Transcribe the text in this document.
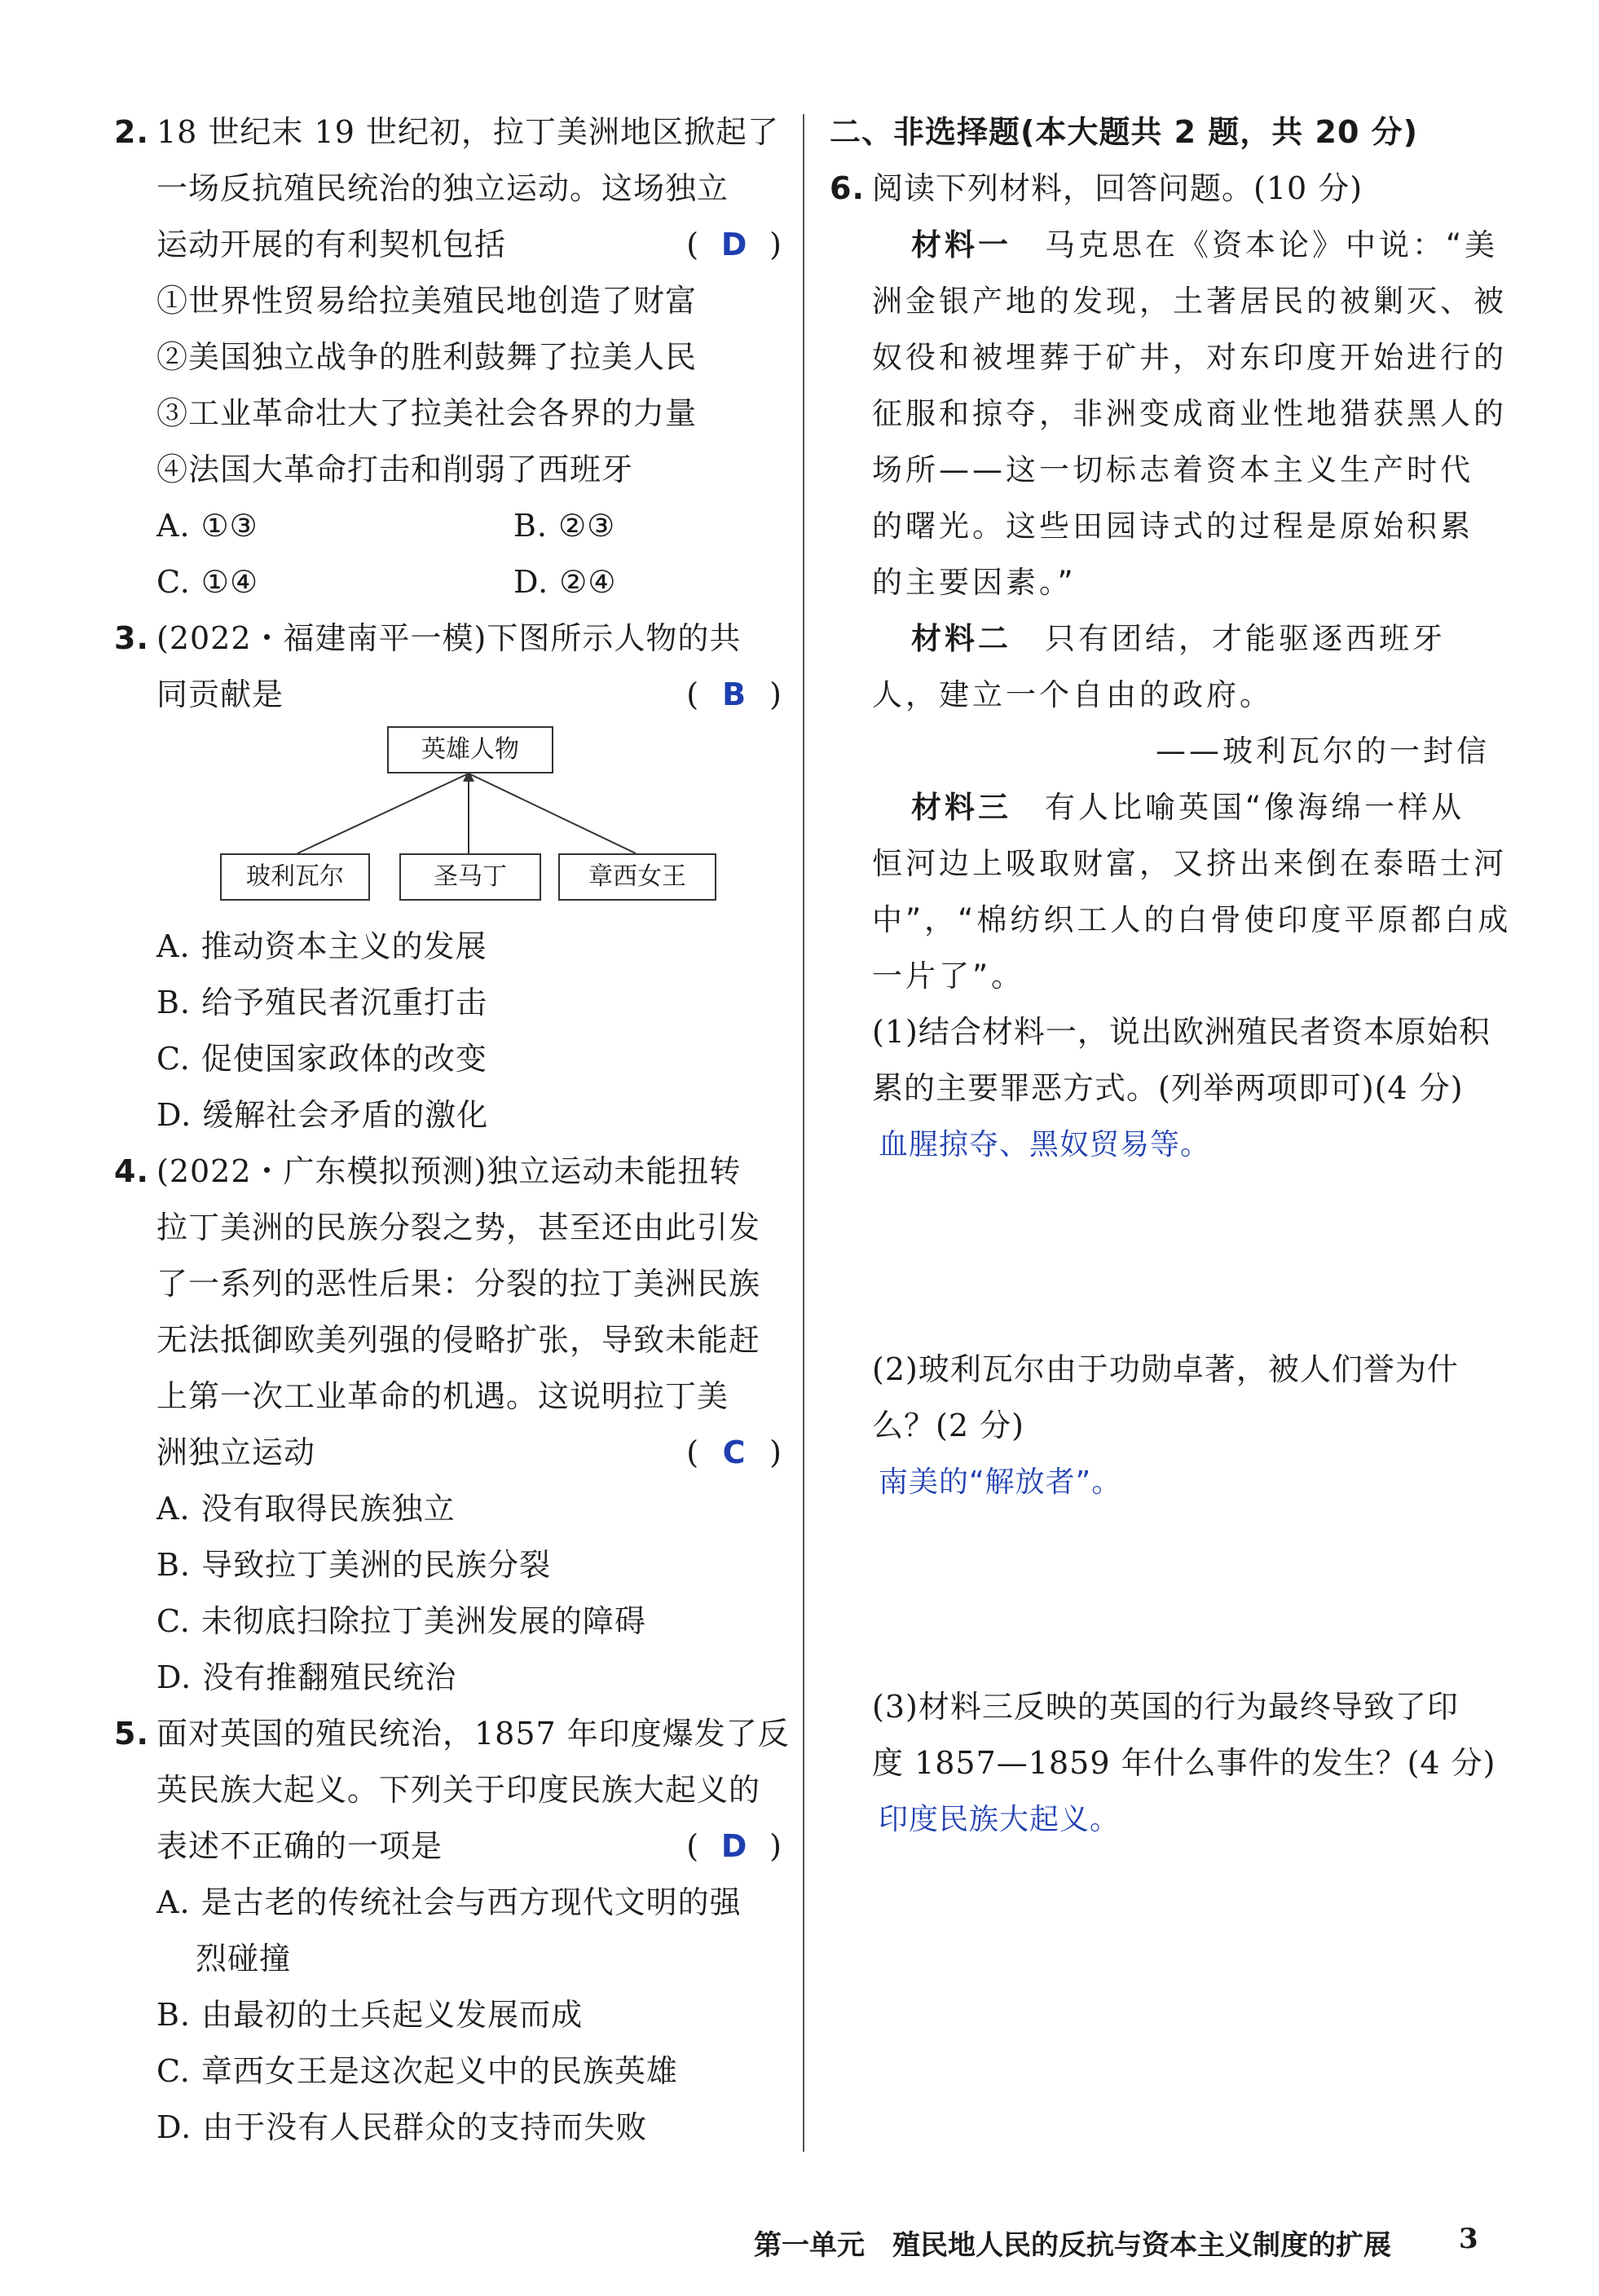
2. 18 世纪末 19 世纪初，拉丁美洲地区掀起了
一场反抗殖民统治的独立运动。这场独立
运动开展的有利契机包括	( D )
①世界性贸易给拉美殖民地创造了财富
②美国独立战争的胜利鼓舞了拉美人民
③工业革命壮大了拉美社会各界的力量
④法国大革命打击和削弱了西班牙
A. ①③	B. ②③
C. ①④	D. ②④
3. (2022・福建南平一模)下图所示人物的共
同贡献是	( B )
英雄人物
玻利瓦尔	圣马丁	章西女王
A. 推动资本主义的发展
B. 给予殖民者沉重打击
C. 促使国家政体的改变
D. 缓解社会矛盾的激化
4. (2022・广东模拟预测)独立运动未能扭转
拉丁美洲的民族分裂之势，甚至还由此引发
了一系列的恶性后果：分裂的拉丁美洲民族
无法抵御欧美列强的侵略扩张，导致未能赶
上第一次工业革命的机遇。这说明拉丁美
洲独立运动	( C )
A. 没有取得民族独立
B. 导致拉丁美洲的民族分裂
C. 未彻底扫除拉丁美洲发展的障碍
D. 没有推翻殖民统治
5. 面对英国的殖民统治，1857 年印度爆发了反
英民族大起义。下列关于印度民族大起义的
表述不正确的一项是	( D )
A. 是古老的传统社会与西方现代文明的强
烈碰撞
B. 由最初的土兵起义发展而成
C. 章西女王是这次起义中的民族英雄
D. 由于没有人民群众的支持而失败
二、非选择题(本大题共 2 题，共 20 分)
6. 阅读下列材料，回答问题。(10 分)
材料一　 马克思在《资本论》中说：“美
洲金银产地的发现，土著居民的被剿灭、被
奴役和被埋葬于矿井，对东印度开始进行的
征服和掠夺，非洲变成商业性地猎获黑人的
场所——这一切标志着资本主义生产时代
的曙光。这些田园诗式的过程是原始积累
的主要因素。”
材料二　 只有团结，才能驱逐西班牙
人，建立一个自由的政府。
——玻利瓦尔的一封信
材料三　 有人比喻英国“像海绵一样从
恒河边上吸取财富，又挤出来倒在泰晤士河
中”，“棉纺织工人的白骨使印度平原都白成
一片了”。
(1)结合材料一，说出欧洲殖民者资本原始积
累的主要罪恶方式。(列举两项即可)(4 分)
血腥掠夺、黑奴贸易等。
(2)玻利瓦尔由于功勋卓著，被人们誉为什
么？(2 分)
南美的“解放者”。
(3)材料三反映的英国的行为最终导致了印
度 1857—1859 年什么事件的发生？(4 分)
印度民族大起义。
第一单元　殖民地人民的反抗与资本主义制度的扩展 3
